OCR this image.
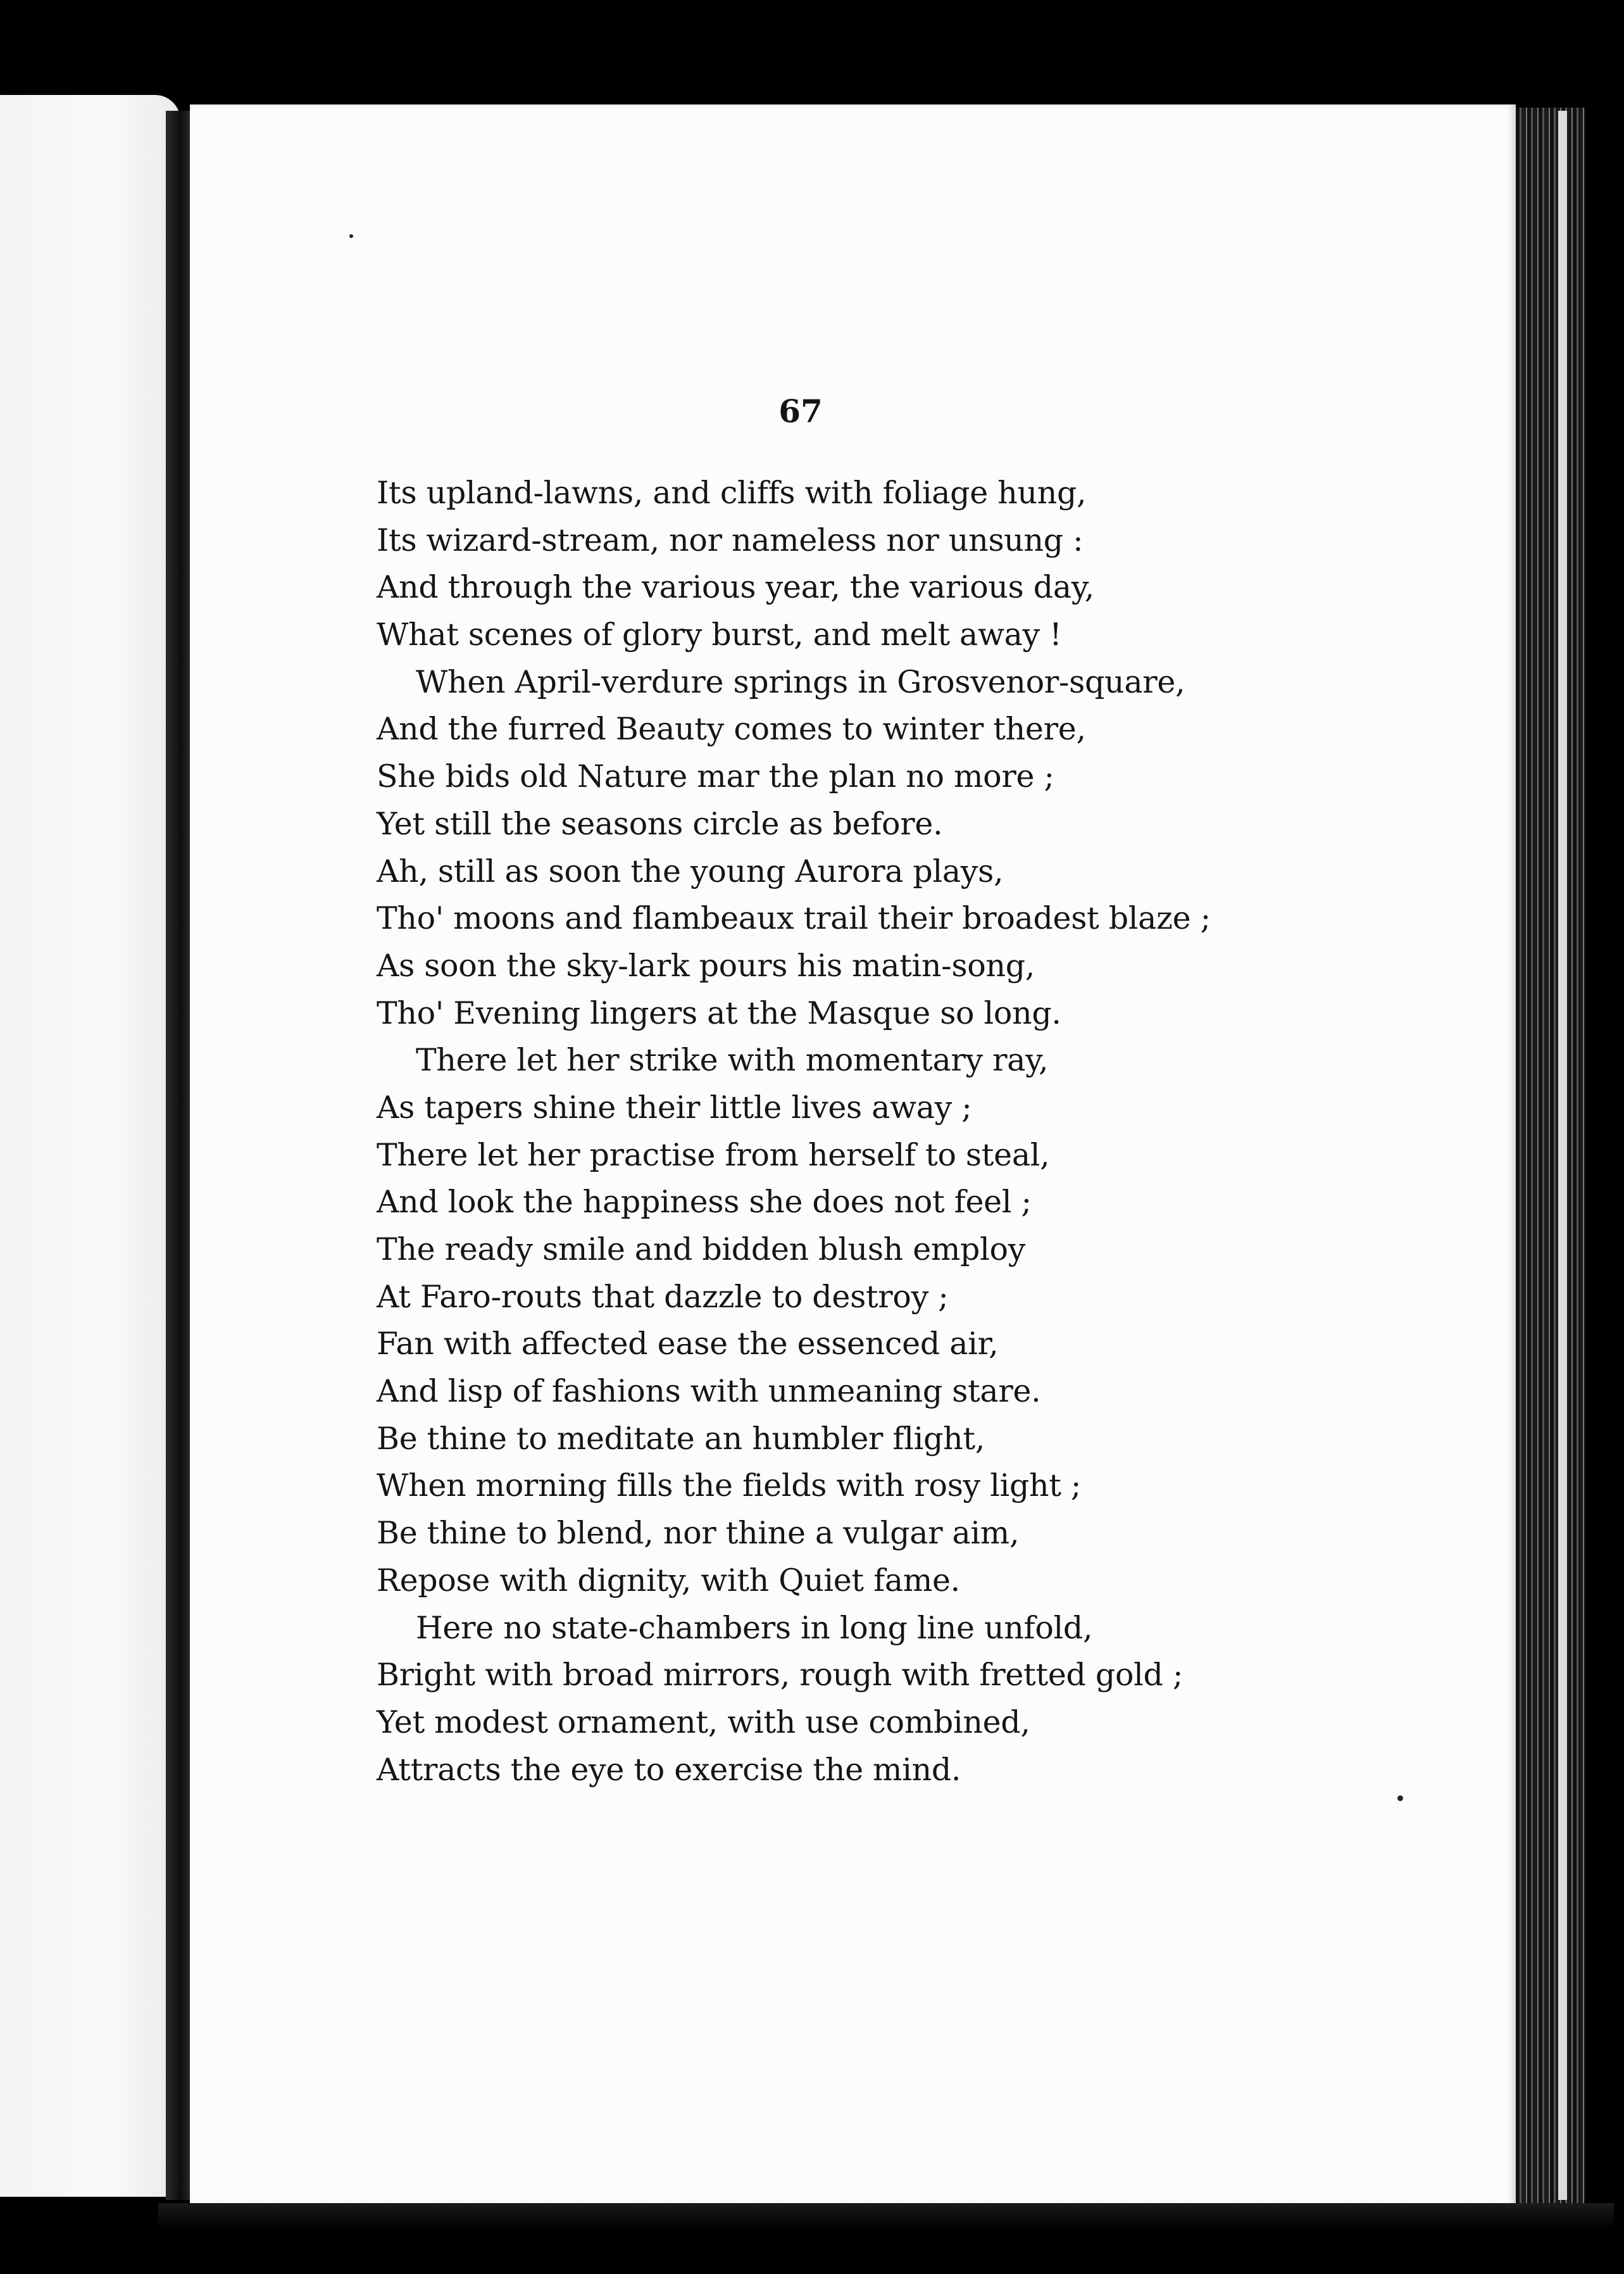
67
Its upland-lawns, and cliffs with foliage hung,
Its wizard-stream, nor nameless nor unsung :
And through the various year, the various day,
What scenes of glory burst, and melt away !
When April-verdure springs in Grosvenor-square,
And the furred Beauty comes to winter there,
She bids old Nature mar the plan no more ;
Yet still the seasons circle as before.
Ah, still as soon the young Aurora plays,
Tho' moons and flambeaux trail their broadest blaze ;
As soon the sky-lark pours his matin-song,
Tho' Evening lingers at the Masque so long.
There let her strike with momentary ray,
As tapers shine their little lives away ;
There let her practise from herself to steal,
And look the happiness she does not feel ;
The ready smile and bidden blush employ
At Faro-routs that dazzle to destroy ;
Fan with affected ease the essenced air,
And lisp of fashions with unmeaning stare.
Be thine to meditate an humbler flight,
When morning fills the fields with rosy light ;
Be thine to blend, nor thine a vulgar aim,
Repose with dignity, with Quiet fame.
Here no state-chambers in long line unfold,
Bright with broad mirrors, rough with fretted gold ;
Yet modest ornament, with use combined,
Attracts the eye to exercise the mind.
